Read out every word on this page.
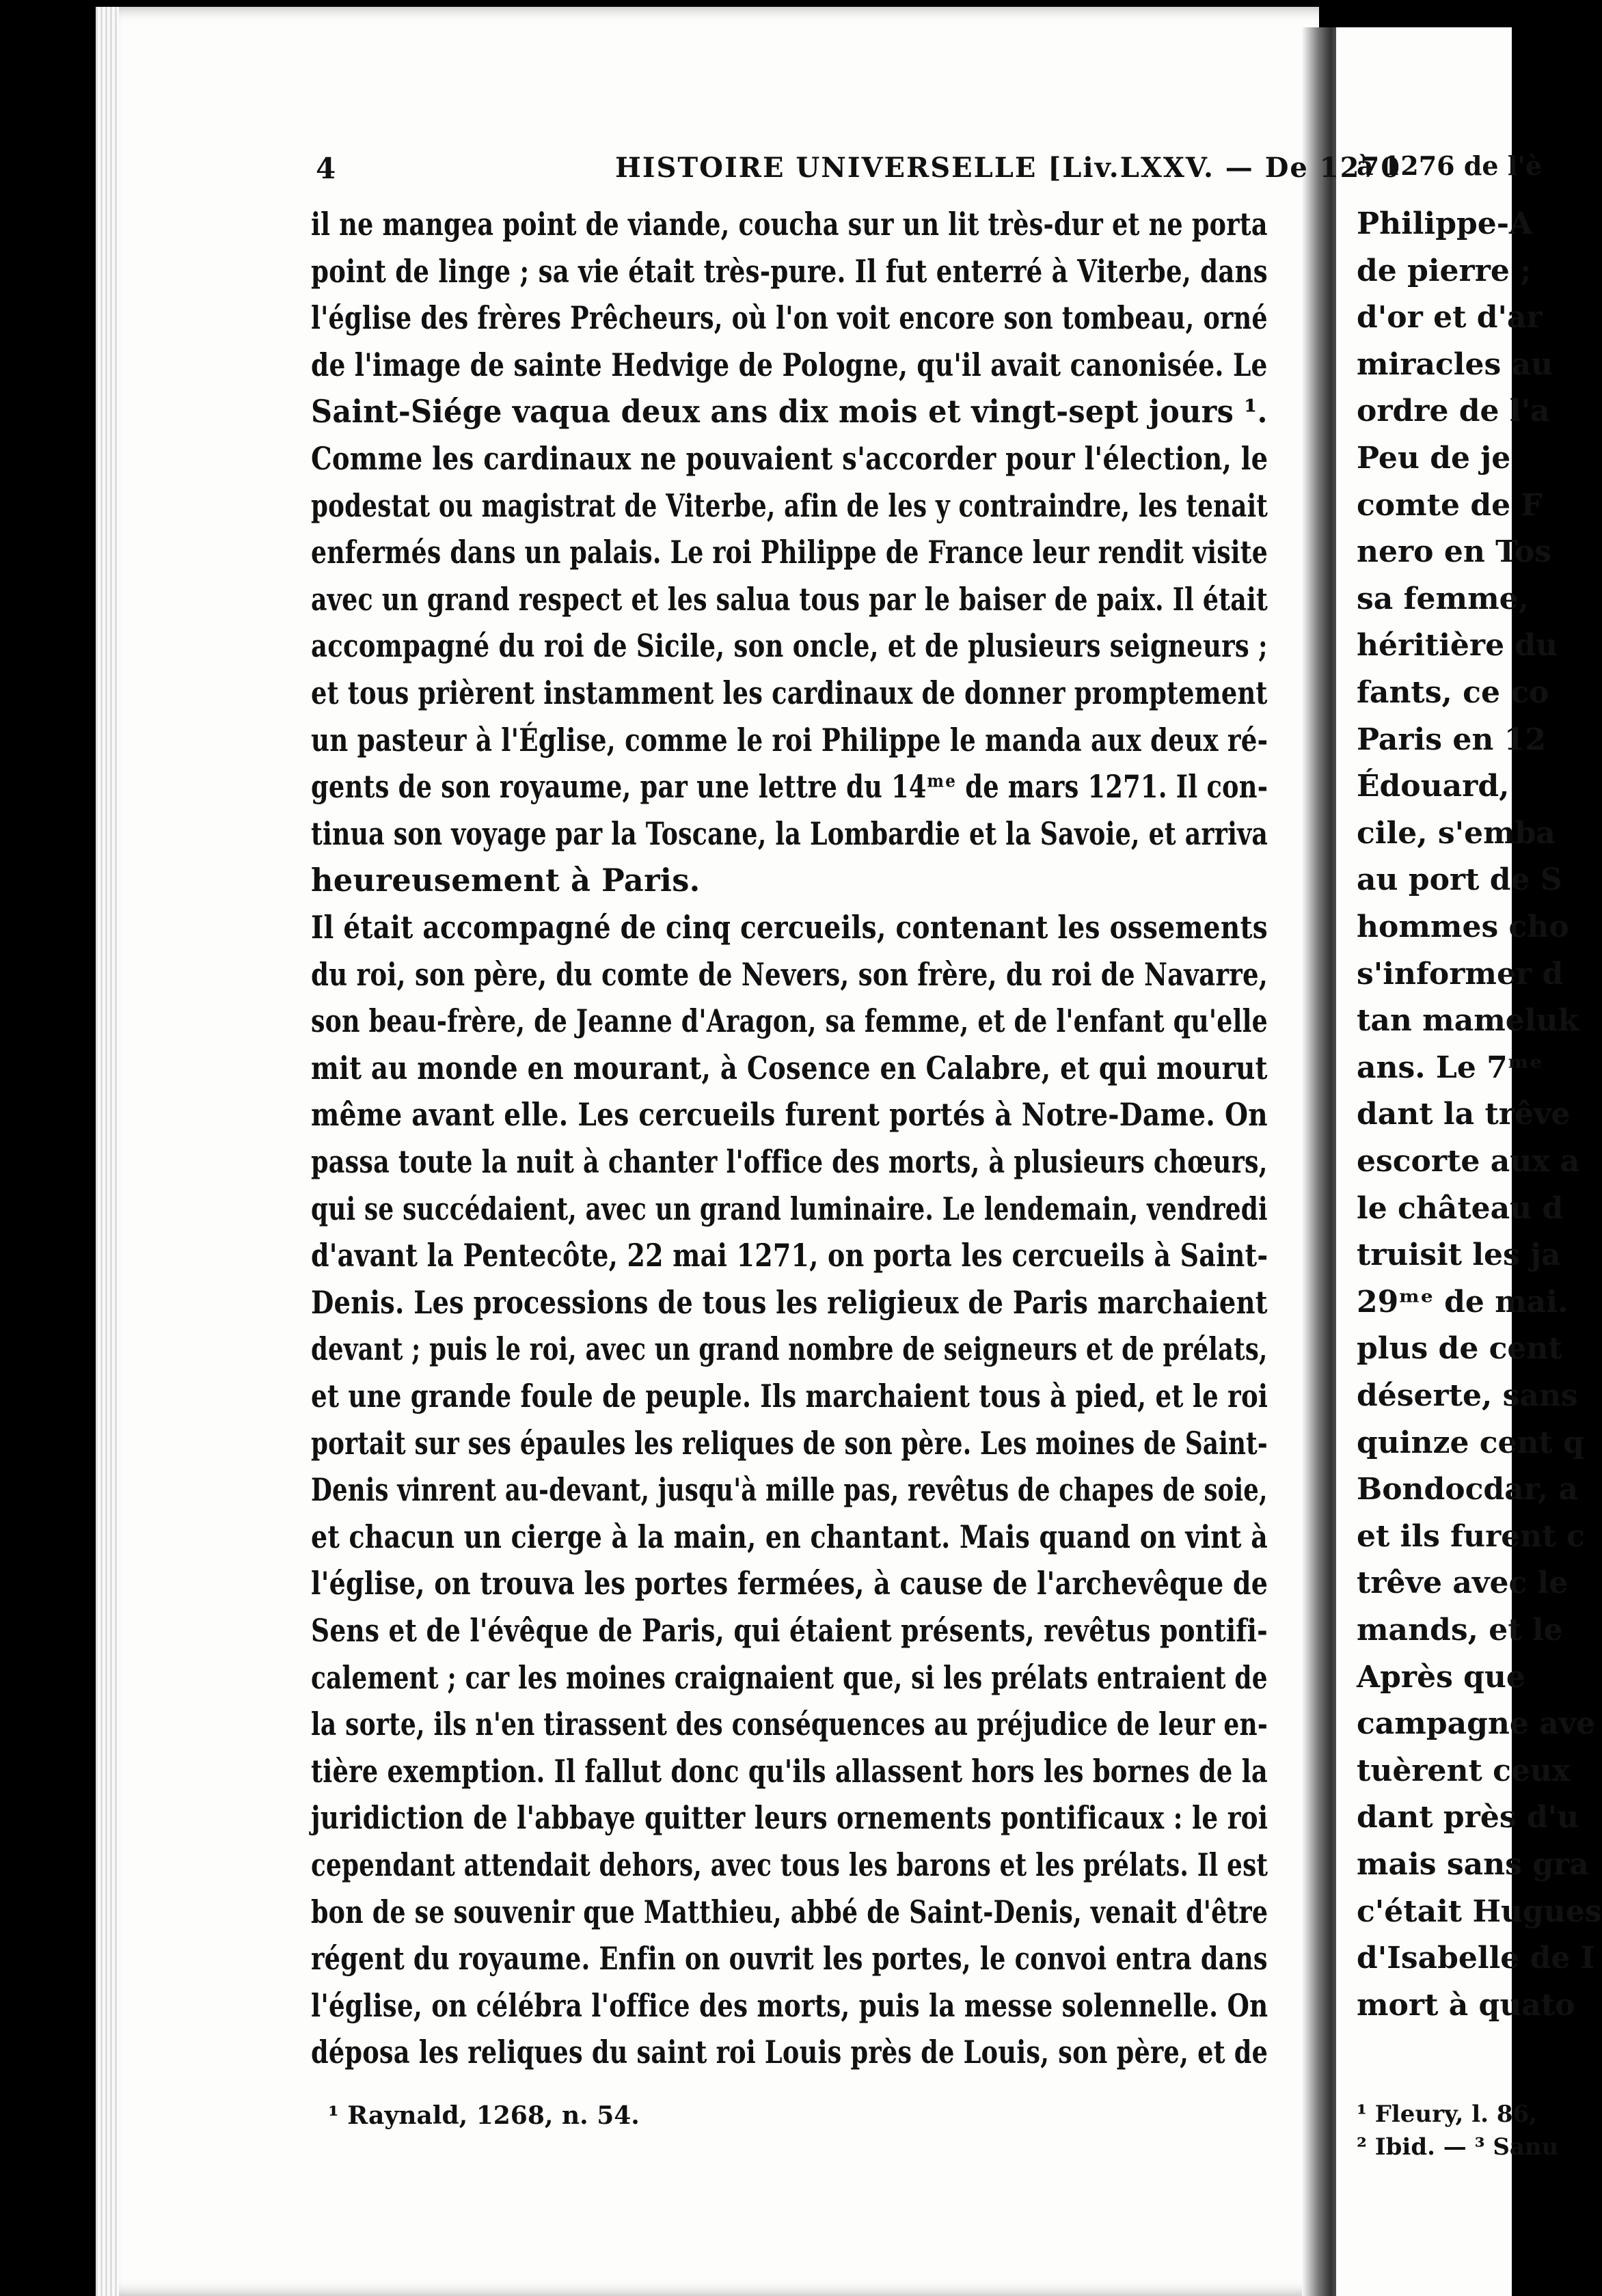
HISTOIRE UNIVERSELLE [Liv.LXXV. — De 1270
4
il ne mangea point de viande, coucha sur un lit très-dur et ne porta
point de linge ; sa vie était très-pure. Il fut enterré à Viterbe, dans
l'église des frères Prêcheurs, où l'on voit encore son tombeau, orné
de l'image de sainte Hedvige de Pologne, qu'il avait canonisée. Le
Saint-Siége vaqua deux ans dix mois et vingt-sept jours ¹.
Comme les cardinaux ne pouvaient s'accorder pour l'élection, le
podestat ou magistrat de Viterbe, afin de les y contraindre, les tenait
enfermés dans un palais. Le roi Philippe de France leur rendit visite
avec un grand respect et les salua tous par le baiser de paix. Il était
accompagné du roi de Sicile, son oncle, et de plusieurs seigneurs ;
et tous prièrent instamment les cardinaux de donner promptement
un pasteur à l'Église, comme le roi Philippe le manda aux deux ré-
gents de son royaume, par une lettre du 14ᵐᵉ de mars 1271. Il con-
tinua son voyage par la Toscane, la Lombardie et la Savoie, et arriva
heureusement à Paris.
Il était accompagné de cinq cercueils, contenant les ossements
du roi, son père, du comte de Nevers, son frère, du roi de Navarre,
son beau-frère, de Jeanne d'Aragon, sa femme, et de l'enfant qu'elle
mit au monde en mourant, à Cosence en Calabre, et qui mourut
même avant elle. Les cercueils furent portés à Notre-Dame. On
passa toute la nuit à chanter l'office des morts, à plusieurs chœurs,
qui se succédaient, avec un grand luminaire. Le lendemain, vendredi
d'avant la Pentecôte, 22 mai 1271, on porta les cercueils à Saint-
Denis. Les processions de tous les religieux de Paris marchaient
devant ; puis le roi, avec un grand nombre de seigneurs et de prélats,
et une grande foule de peuple. Ils marchaient tous à pied, et le roi
portait sur ses épaules les reliques de son père. Les moines de Saint-
Denis vinrent au-devant, jusqu'à mille pas, revêtus de chapes de soie,
et chacun un cierge à la main, en chantant. Mais quand on vint à
l'église, on trouva les portes fermées, à cause de l'archevêque de
Sens et de l'évêque de Paris, qui étaient présents, revêtus pontifi-
calement ; car les moines craignaient que, si les prélats entraient de
la sorte, ils n'en tirassent des conséquences au préjudice de leur en-
tière exemption. Il fallut donc qu'ils allassent hors les bornes de la
juridiction de l'abbaye quitter leurs ornements pontificaux : le roi
cependant attendait dehors, avec tous les barons et les prélats. Il est
bon de se souvenir que Matthieu, abbé de Saint-Denis, venait d'être
régent du royaume. Enfin on ouvrit les portes, le convoi entra dans
l'église, on célébra l'office des morts, puis la messe solennelle. On
déposa les reliques du saint roi Louis près de Louis, son père, et de
¹ Raynald, 1268, n. 54.
à 1276 de l'è
¹ Fleury, l. 86,
² Ibid. — ³ Sanu
Philippe-A
de pierre ;
d'or et d'ar
miracles au
ordre de l'a
Peu de je
comte de F
nero en Tos
sa femme,
héritière du
fants, ce co
Paris en 12
Édouard,
cile, s'emba
au port de S
hommes cho
s'informer d
tan mameluk
ans. Le 7ᵐᵉ
dant la trêve
escorte aux a
le château d
truisit les ja
29ᵐᵉ de mai.
plus de cent
déserte, sans
quinze cent q
Bondocdar, a
et ils furent c
trêve avec le
mands, et le
Après que
campagne ave
tuèrent ceux
dant près d'u
mais sans gra
c'était Hugues
d'Isabelle de I
mort à quato
